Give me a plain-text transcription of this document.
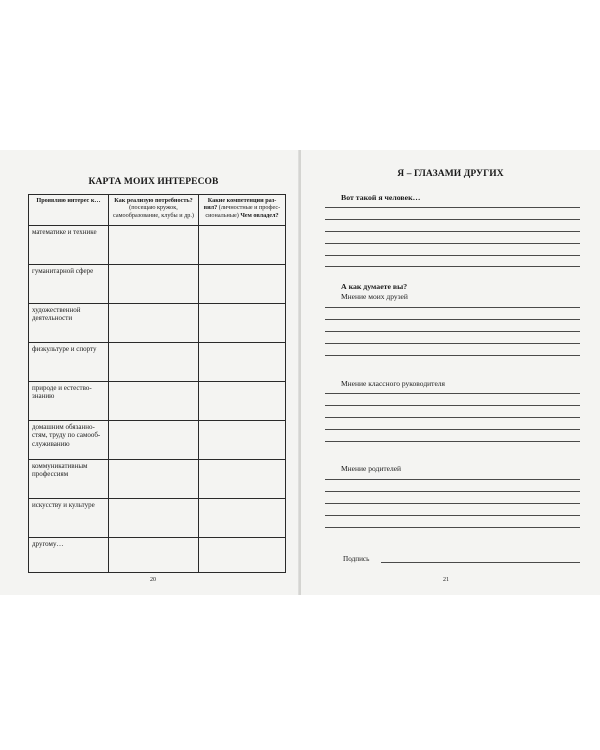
КАРТА МОИХ ИНТЕРЕСОВ
Проявляю интерес к…	Как реализую потребность? (посещаю кружок, самообразование, клубы и др.)	Какие компетенции раз-вил? (личностные и профес-сиональные) Чем овладел?
математике и технике		
гуманитарной сфере		
художественной деятельности		
физкультуре и спорту		
природе и естество-знанию		
домашним обязанно-стям, труду по самооб-служиванию		
коммуникативным профессиям		
искусству и культуре		
другому…		
20
Я – ГЛАЗАМИ ДРУГИХ
Вот такой я человек…
А как думаете вы?
Мнение моих друзей
Мнение классного руководителя
Мнение родителей
Подпись
21
